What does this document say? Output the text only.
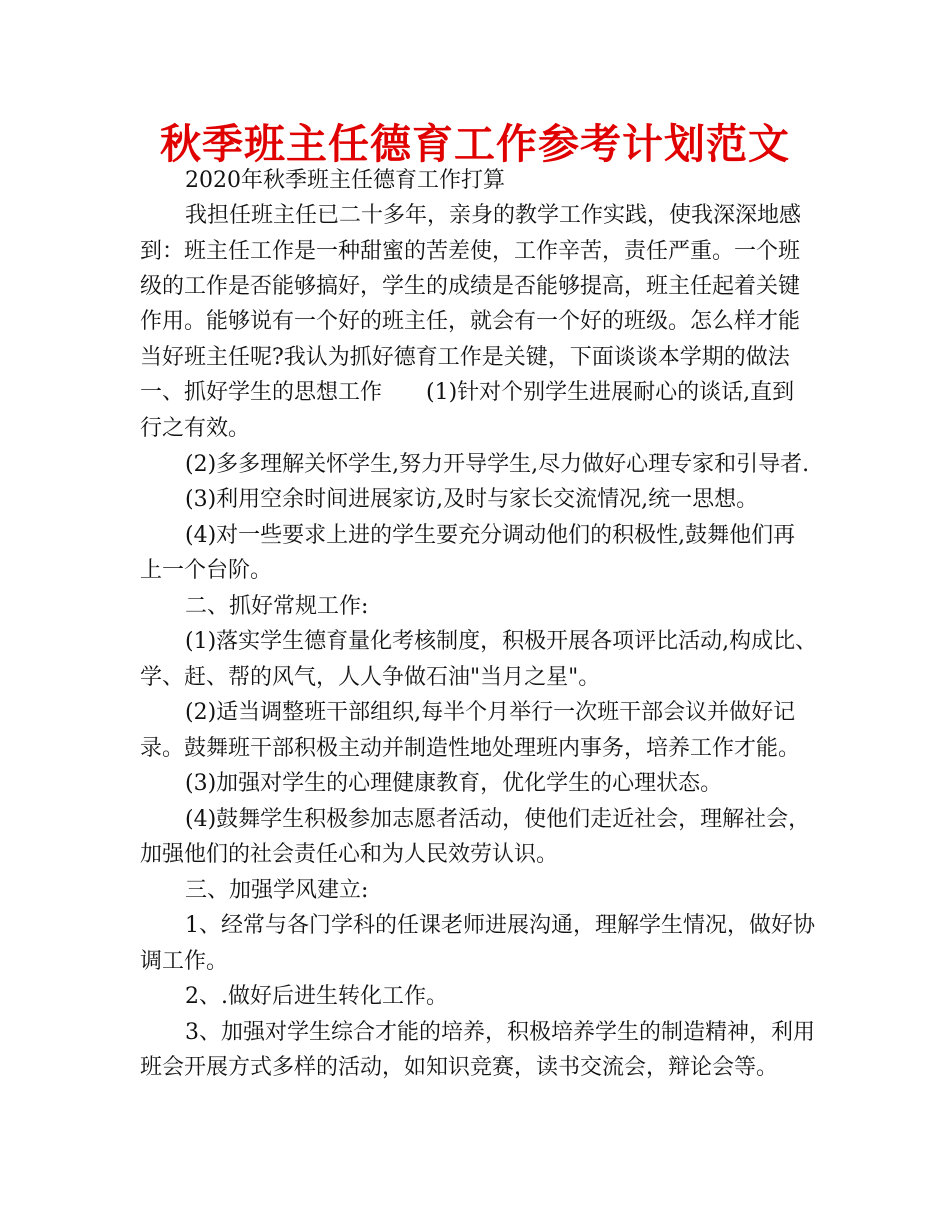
秋季班主任德育工作参考计划范文
2020年秋季班主任德育工作打算
我担任班主任已二十多年，亲身的教学工作实践，使我深深地感
到：班主任工作是一种甜蜜的苦差使，工作辛苦，责任严重。一个班
级的工作是否能够搞好，学生的成绩是否能够提高，班主任起着关键
作用。能够说有一个好的班主任，就会有一个好的班级。怎么样才能
当好班主任呢?我认为抓好德育工作是关键，下面谈谈本学期的做法
一、抓好学生的思想工作　　(1)针对个别学生进展耐心的谈话,直到
行之有效。
(2)多多理解关怀学生,努力开导学生,尽力做好心理专家和引导者.
(3)利用空余时间进展家访,及时与家长交流情况,统一思想。
(4)对一些要求上进的学生要充分调动他们的积极性,鼓舞他们再
上一个台阶。
二、抓好常规工作:
(1)落实学生德育量化考核制度，积极开展各项评比活动,构成比、
学、赶、帮的风气，人人争做石油"当月之星"。
(2)适当调整班干部组织,每半个月举行一次班干部会议并做好记
录。鼓舞班干部积极主动并制造性地处理班内事务，培养工作才能。
(3)加强对学生的心理健康教育，优化学生的心理状态。
(4)鼓舞学生积极参加志愿者活动，使他们走近社会，理解社会，
加强他们的社会责任心和为人民效劳认识。
三、加强学风建立:
1、经常与各门学科的任课老师进展沟通，理解学生情况，做好协
调工作。
2、.做好后进生转化工作。
3、加强对学生综合才能的培养，积极培养学生的制造精神，利用
班会开展方式多样的活动，如知识竞赛，读书交流会，辩论会等。
